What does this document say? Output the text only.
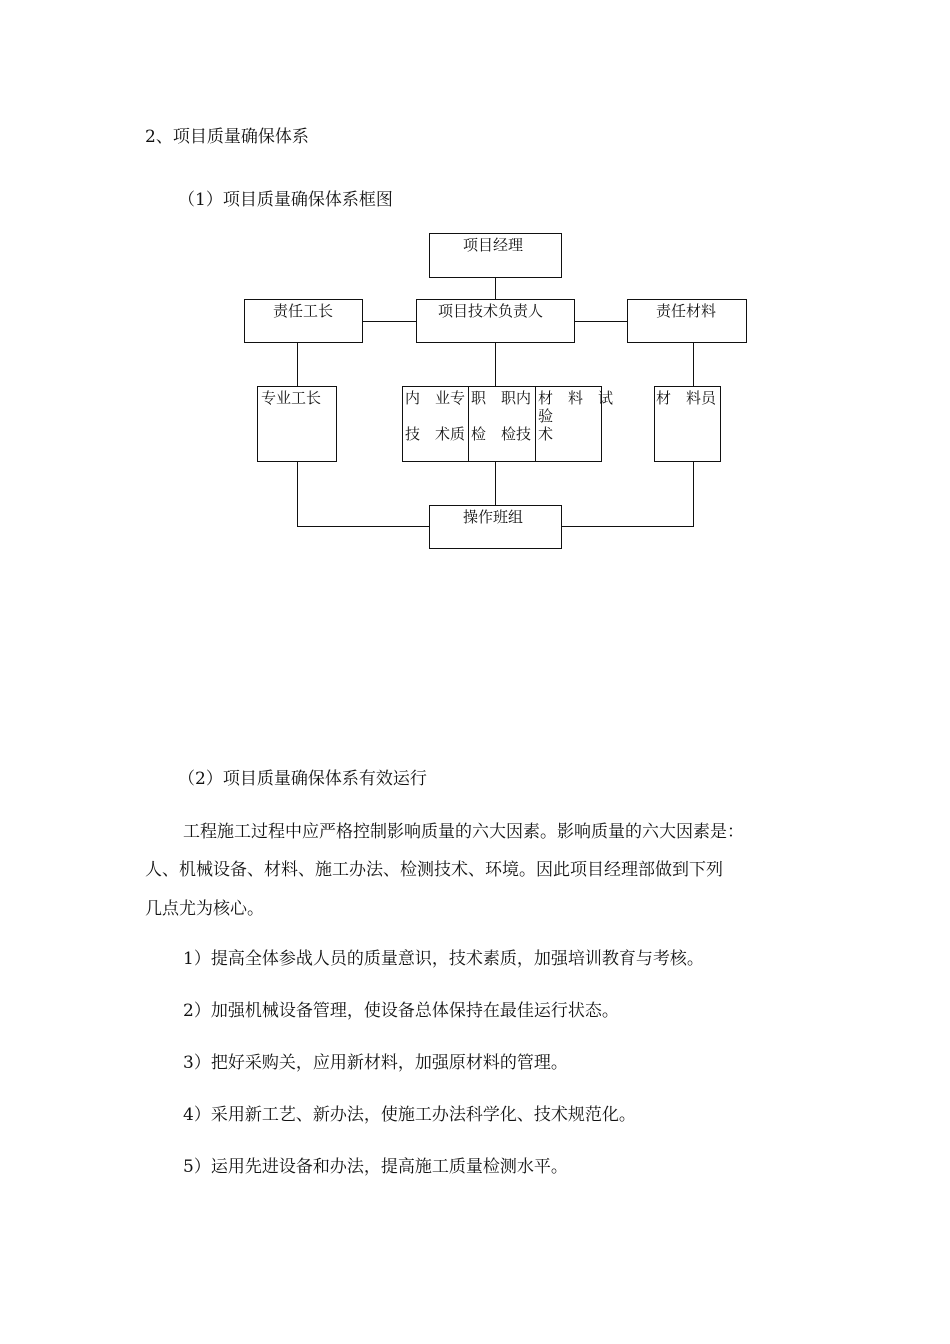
2、项目质量确保体系
（1）项目质量确保体系框图
项目经理
责任工长	项目技术负责人	责任材料
专业工长	内　业专
技　术质
职　职内
检　检技
材　料　试
验
术
材　料员
操作班组
（2）项目质量确保体系有效运行
工程施工过程中应严格控制影响质量的六大因素。影响质量的六大因素是：
人、机械设备、材料、施工办法、检测技术、环境。因此项目经理部做到下列
几点尤为核心。
1）提高全体参战人员的质量意识，技术素质，加强培训教育与考核。
2）加强机械设备管理，使设备总体保持在最佳运行状态。
3）把好采购关，应用新材料，加强原材料的管理。
4）采用新工艺、新办法，使施工办法科学化、技术规范化。
5）运用先进设备和办法，提高施工质量检测水平。
